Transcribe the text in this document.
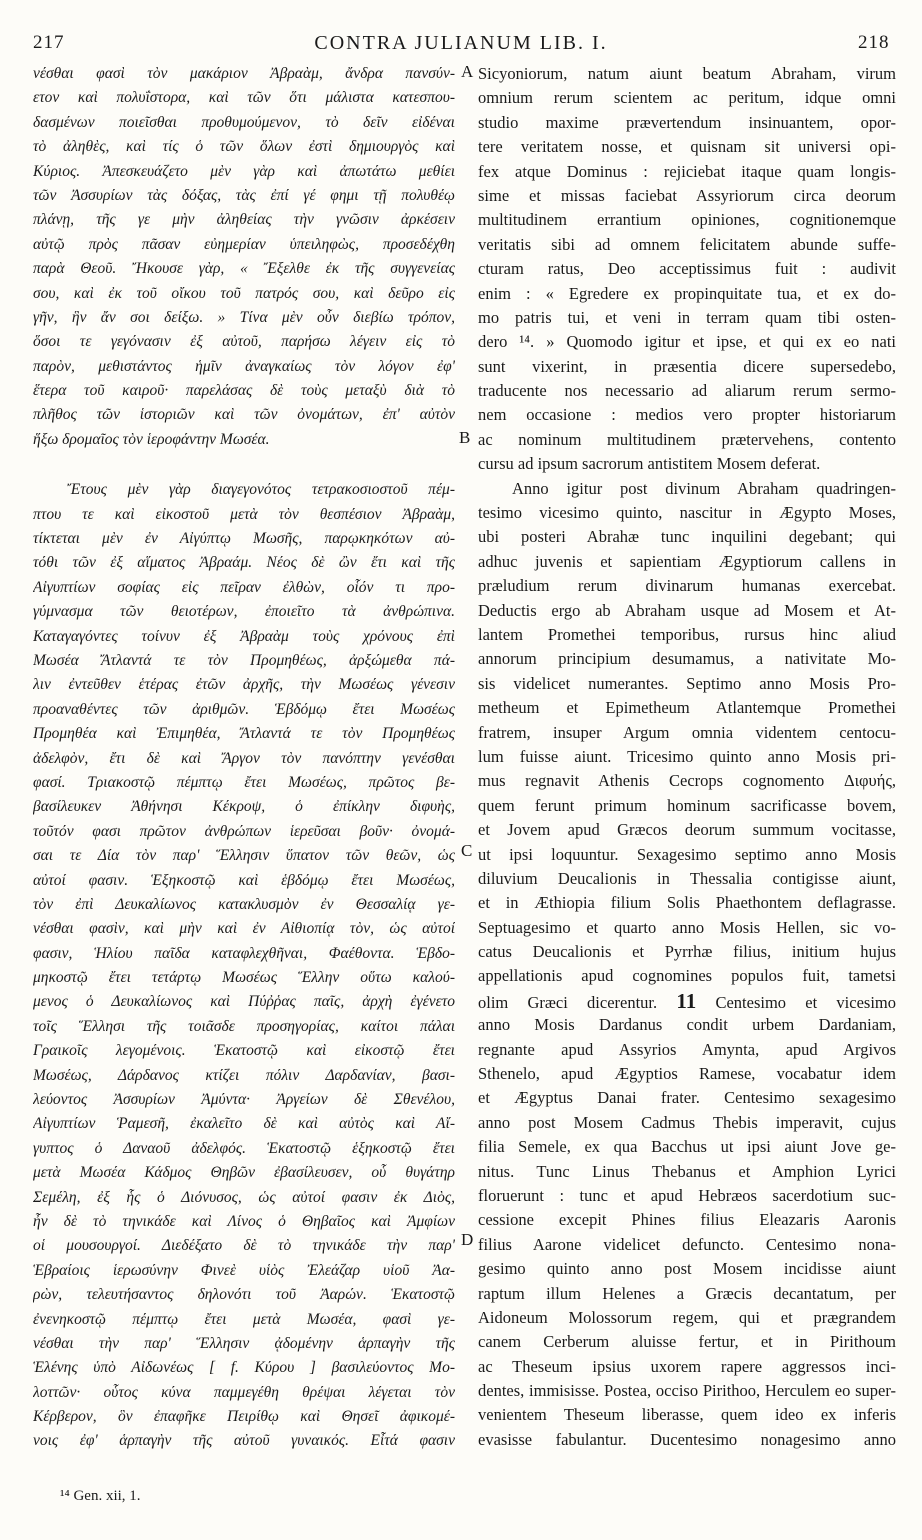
217	CONTRA JULIANUM LIB. I.	218
νέσθαι φασὶ τὸν μακάριον Ἀβραὰμ, ἄνδρα πανσύν-
ετον καὶ πολυΐστορα, καὶ τῶν ὅτι μάλιστα κατεσπου-
δασμένων ποιεῖσθαι προθυμούμενον, τὸ δεῖν εἰδέναι
τὸ ἀληθὲς, καὶ τίς ὁ τῶν ὅλων ἐστὶ δημιουργὸς καὶ
Κύριος. Ἀπεσκευάζετο μὲν γὰρ καὶ ἀπωτάτω μεθίει
τῶν Ἀσσυρίων τὰς δόξας, τὰς ἐπί γέ φημι τῇ πολυθέῳ
πλάνῃ, τῆς γε μὴν ἀληθείας τὴν γνῶσιν ἀρκέσειν
αὐτῷ πρὸς πᾶσαν εὐημερίαν ὑπειληφὼς, προσεδέχθη
παρὰ Θεοῦ. Ἤκουσε γὰρ, « Ἔξελθε ἐκ τῆς συγγενείας
σου, καὶ ἐκ τοῦ οἴκου τοῦ πατρός σου, καὶ δεῦρο εἰς
γῆν, ἣν ἄν σοι δείξω. » Τίνα μὲν οὖν διεβίω τρόπον,
ὅσοι τε γεγόνασιν ἐξ αὐτοῦ, παρήσω λέγειν εἰς τὸ
παρὸν, μεθιστάντος ἡμῖν ἀναγκαίως τὸν λόγον ἐφ'
ἕτερα τοῦ καιροῦ· παρελάσας δὲ τοὺς μεταξὺ διὰ τὸ
πλῆθος τῶν ἱστοριῶν καὶ τῶν ὀνομάτων, ἐπ' αὐτὸν
ἥξω δρομαῖος τὸν ἱεροφάντην Μωσέα.
Ἔτους μὲν γὰρ διαγεγονότος τετρακοσιοστοῦ πέμ-
πτου τε καὶ εἰκοστοῦ μετὰ τὸν θεσπέσιον Ἀβραὰμ,
τίκτεται μὲν ἐν Αἰγύπτῳ Μωσῆς, παρῳκηκότων αὐ-
τόθι τῶν ἐξ αἵματος Ἀβραάμ. Νέος δὲ ὢν ἔτι καὶ τῆς
Αἰγυπτίων σοφίας εἰς πεῖραν ἐλθὼν, οἷόν τι προ-
γύμνασμα τῶν θειοτέρων, ἐποιεῖτο τὰ ἀνθρώπινα.
Καταγαγόντες τοίνυν ἐξ Ἀβραὰμ τοὺς χρόνους ἐπὶ
Μωσέα Ἄτλαντά τε τὸν Προμηθέως, ἀρξώμεθα πά-
λιν ἐντεῦθεν ἑτέρας ἐτῶν ἀρχῆς, τὴν Μωσέως γένεσιν
προαναθέντες τῶν ἀριθμῶν. Ἑβδόμῳ ἔτει Μωσέως
Προμηθέα καὶ Ἐπιμηθέα, Ἄτλαντά τε τὸν Προμηθέως
ἀδελφὸν, ἔτι δὲ καὶ Ἄργον τὸν πανόπτην γενέσθαι
φασί. Τριακοστῷ πέμπτῳ ἔτει Μωσέως, πρῶτος βε-
βασίλευκεν Ἀθήνησι Κέκροψ, ὁ ἐπίκλην διφυὴς,
τοῦτόν φασι πρῶτον ἀνθρώπων ἱερεῦσαι βοῦν· ὀνομά-
σαι τε Δία τὸν παρ' Ἕλλησιν ὕπατον τῶν θεῶν, ὡς
αὐτοί φασιν. Ἑξηκοστῷ καὶ ἑβδόμῳ ἔτει Μωσέως,
τὸν ἐπὶ Δευκαλίωνος κατακλυσμὸν ἐν Θεσσαλίᾳ γε-
νέσθαι φασὶν, καὶ μὴν καὶ ἐν Αἰθιοπίᾳ τὸν, ὡς αὐτοί
φασιν, Ἡλίου παῖδα καταφλεχθῆναι, Φαέθοντα. Ἑβδο-
μηκοστῷ ἔτει τετάρτῳ Μωσέως Ἕλλην οὕτω καλού-
μενος ὁ Δευκαλίωνος καὶ Πύῤῥας παῖς, ἀρχὴ ἐγένετο
τοῖς Ἕλλησι τῆς τοιᾶσδε προσηγορίας, καίτοι πάλαι
Γραικοῖς λεγομένοις. Ἑκατοστῷ καὶ εἰκοστῷ ἔτει
Μωσέως, Δάρδανος κτίζει πόλιν Δαρδανίαν, βασι-
λεύοντος Ἀσσυρίων Ἀμύντα· Ἀργείων δὲ Σθενέλου,
Αἰγυπτίων Ῥαμεσῆ, ἐκαλεῖτο δὲ καὶ αὐτὸς καὶ Αἴ-
γυπτος ὁ Δαναοῦ ἀδελφός. Ἑκατοστῷ ἑξηκοστῷ ἔτει
μετὰ Μωσέα Κάδμος Θηβῶν ἐβασίλευσεν, οὗ θυγάτηρ
Σεμέλη, ἐξ ἧς ὁ Διόνυσος, ὡς αὐτοί φασιν ἐκ Διὸς,
ἦν δὲ τὸ τηνικάδε καὶ Λίνος ὁ Θηβαῖος καὶ Ἀμφίων
οἱ μουσουργοί. Διεδέξατο δὲ τὸ τηνικάδε τὴν παρ'
Ἑβραίοις ἱερωσύνην Φινεὲ υἱὸς Ἐλεάζαρ υἱοῦ Ἀα-
ρὼν, τελευτήσαντος δηλονότι τοῦ Ἀαρών. Ἑκατοστῷ
ἐνενηκοστῷ πέμπτῳ ἔτει μετὰ Μωσέα, φασὶ γε-
νέσθαι τὴν παρ' Ἕλλησιν ᾀδομένην ἁρπαγὴν τῆς
Ἑλένης ὑπὸ Αἰδωνέως [ f. Κύρου ] βασιλεύοντος Μο-
λοττῶν· οὗτος κύνα παμμεγέθη θρέψαι λέγεται τὸν
Κέρβερον, ὃν ἐπαφῆκε Πειρίθῳ καὶ Θησεῖ ἀφικομέ-
νοις ἐφ' ἁρπαγὴν τῆς αὐτοῦ γυναικός. Εἶτά φασιν
Sicyoniorum, natum aiunt beatum Abraham, virum
omnium rerum scientem ac peritum, idque omni
studio maxime prævertendum insinuantem, opor-
tere veritatem nosse, et quisnam sit universi opi-
fex atque Dominus : rejiciebat itaque quam longis-
sime et missas faciebat Assyriorum circa deorum
multitudinem errantium opiniones, cognitionemque
veritatis sibi ad omnem felicitatem abunde suffe-
cturam ratus, Deo acceptissimus fuit : audivit
enim : « Egredere ex propinquitate tua, et ex do-
mo patris tui, et veni in terram quam tibi osten-
dero ¹⁴. » Quomodo igitur et ipse, et qui ex eo nati
sunt vixerint, in præsentia dicere supersedebo,
traducente nos necessario ad aliarum rerum sermo-
nem occasione : medios vero propter historiarum
ac nominum multitudinem prætervehens, contento
cursu ad ipsum sacrorum antistitem Mosem deferat.
Anno igitur post divinum Abraham quadringen-
tesimo vicesimo quinto, nascitur in Ægypto Moses,
ubi posteri Abrahæ tunc inquilini degebant; qui
adhuc juvenis et sapientiam Ægyptiorum callens in
præludium rerum divinarum humanas exercebat.
Deductis ergo ab Abraham usque ad Mosem et At-
lantem Promethei temporibus, rursus hinc aliud
annorum principium desumamus, a nativitate Mo-
sis videlicet numerantes. Septimo anno Mosis Pro-
metheum et Epimetheum Atlantemque Promethei
fratrem, insuper Argum omnia videntem centocu-
lum fuisse aiunt. Tricesimo quinto anno Mosis pri-
mus regnavit Athenis Cecrops cognomento Διφυής,
quem ferunt primum hominum sacrificasse bovem,
et Jovem apud Græcos deorum summum vocitasse,
ut ipsi loquuntur. Sexagesimo septimo anno Mosis
diluvium Deucalionis in Thessalia contigisse aiunt,
et in Æthiopia filium Solis Phaethontem deflagrasse.
Septuagesimo et quarto anno Mosis Hellen, sic vo-
catus Deucalionis et Pyrrhæ filius, initium hujus
appellationis apud cognomines populos fuit, tametsi
olim Græci dicerentur. 11 Centesimo et vicesimo
anno Mosis Dardanus condit urbem Dardaniam,
regnante apud Assyrios Amynta, apud Argivos
Sthenelo, apud Ægyptios Ramese, vocabatur idem
et Ægyptus Danai frater. Centesimo sexagesimo
anno post Mosem Cadmus Thebis imperavit, cujus
filia Semele, ex qua Bacchus ut ipsi aiunt Jove ge-
nitus. Tunc Linus Thebanus et Amphion Lyrici
floruerunt : tunc et apud Hebræos sacerdotium suc-
cessione excepit Phines filius Eleazaris Aaronis
filius Aarone videlicet defuncto. Centesimo nona-
gesimo quinto anno post Mosem incidisse aiunt
raptum illum Helenes a Græcis decantatum, per
Aidoneum Molossorum regem, qui et prægrandem
canem Cerberum aluisse fertur, et in Pirithoum
ac Theseum ipsius uxorem rapere aggressos inci-
dentes, immisisse. Postea, occiso Pirithoo, Herculem eo super-
venientem Theseum liberasse, quem ideo ex inferis
evasisse fabulantur. Ducentesimo nonagesimo anno
A
B
C
D
¹⁴ Gen. xii, 1.
